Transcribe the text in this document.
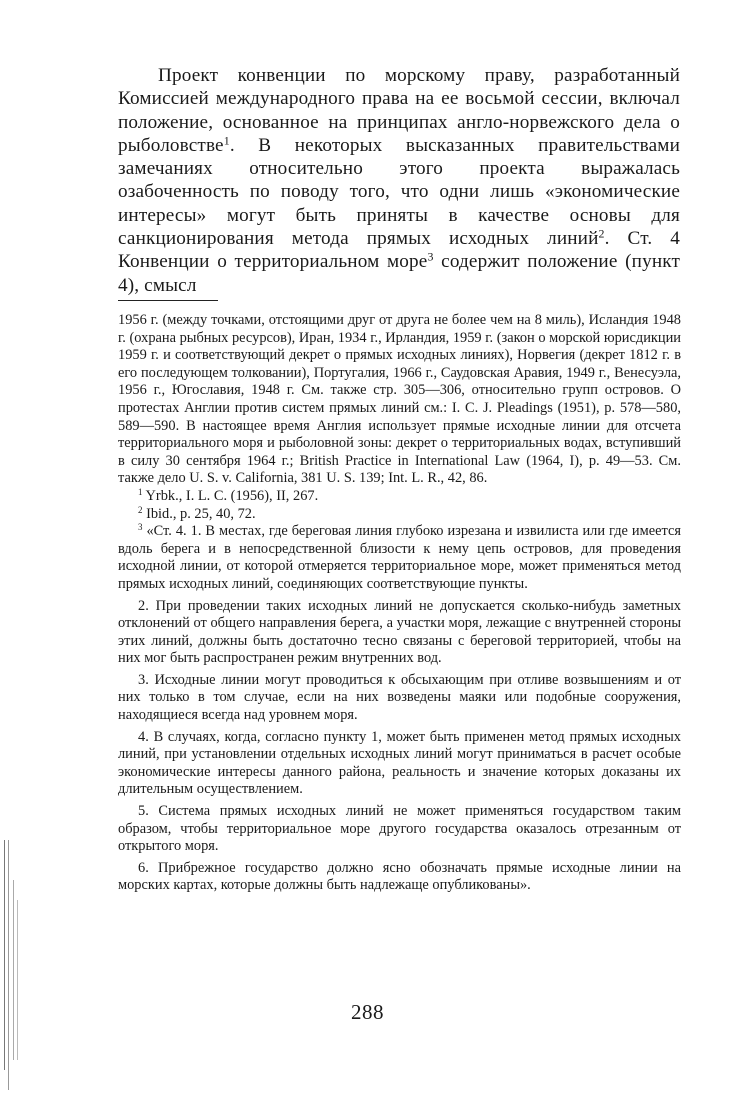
Проект конвенции по морскому праву, разработанный Комиссией международного права на ее восьмой сессии, включал положение, основанное на принципах англо-норвежского дела о рыболовстве$^1$. В некоторых высказанных правительствами замечаниях относительно этого проекта выражалась озабоченность по поводу того, что одни лишь «экономические интересы» могут быть приняты в качестве основы для санкционирования метода прямых исходных линий$^2$. Ст. 4 Конвенции о территориальном море$^3$ содержит положение (пункт 4), смысл

1956 г. (между точками, отстоящими друг от друга не более чем на 8 миль), Исландия 1948 г. (охрана рыбных ресурсов), Иран, 1934 г., Ирландия, 1959 г. (закон о морской юрисдикции 1959 г. и соответствующий декрет о прямых исходных линиях), Норвегия (декрет 1812 г. в его последующем толковании), Португалия, 1966 г., Саудовская Аравия, 1949 г., Венесуэла, 1956 г., Югославия, 1948 г. См. также стр. 305—306, относительно групп островов. О протестах Англии против систем прямых линий см.: I. C. J. Pleadings (1951), p. 578—580, 589—590. В настоящее время Англия использует прямые исходные линии для отсчета территориального моря и рыболовной зоны: декрет о территориальных водах, вступивший в силу 30 сентября 1964 г.; British Practice in International Law (1964, I), p. 49—53. См. также дело U. S. v. California, 381 U. S. 139; Int. L. R., 42, 86.

$^1$ Yrbk., I. L. C. (1956), II, 267.

$^2$ Ibid., p. 25, 40, 72.

$^3$ «Ст. 4. 1. В местах, где береговая линия глубоко изрезана и извилиста или где имеется вдоль берега и в непосредственной близости к нему цепь островов, для проведения исходной линии, от которой отмеряется территориальное море, может применяться метод прямых исходных линий, соединяющих соответствующие пункты.

2. При проведении таких исходных линий не допускается сколько-нибудь заметных отклонений от общего направления берега, а участки моря, лежащие с внутренней стороны этих линий, должны быть достаточно тесно связаны с береговой территорией, чтобы на них мог быть распространен режим внутренних вод.

3. Исходные линии могут проводиться к обсыхающим при отливе возвышениям и от них только в том случае, если на них возведены маяки или подобные сооружения, находящиеся всегда над уровнем моря.

4. В случаях, когда, согласно пункту 1, может быть применен метод прямых исходных линий, при установлении отдельных исходных линий могут приниматься в расчет особые экономические интересы данного района, реальность и значение которых доказаны их длительным осуществлением.

5. Система прямых исходных линий не может применяться государством таким образом, чтобы территориальное море другого государства оказалось отрезанным от открытого моря.

6. Прибрежное государство должно ясно обозначать прямые исходные линии на морских картах, которые должны быть надлежаще опубликованы».

288
